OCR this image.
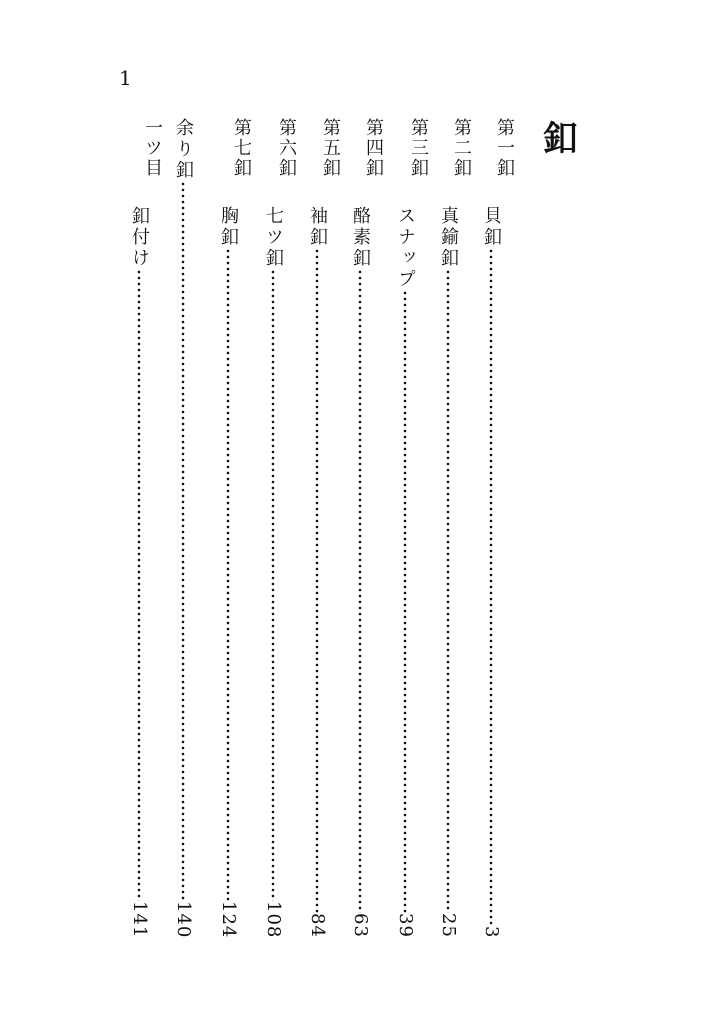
1
釦
第一釦
貝釦
3
第二釦
真鍮釦
25
第三釦
スナップ
39
第四釦
酪素釦
63
第五釦
袖釦
84
第六釦
七ツ釦
108
第七釦
胸釦
124
余り釦
140
一ツ目
釦付け
141
